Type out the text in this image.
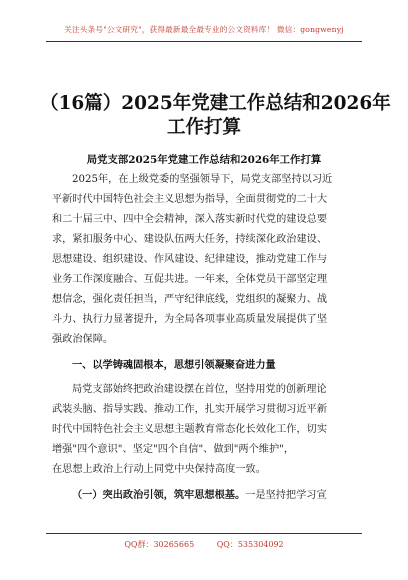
关注头条号"公文研究"，获得最新最全最专业的公文资料库！ 微信：gongwenyj
（16篇）2025年党建工作总结和2026年
工作打算
局党支部2025年党建工作总结和2026年工作打算
2025年，在上级党委的坚强领导下，局党支部坚持以习近
平新时代中国特色社会主义思想为指导，全面贯彻党的二十大
和二十届三中、四中全会精神，深入落实新时代党的建设总要
求，紧扣服务中心、建设队伍两大任务，持续深化政治建设、
思想建设、组织建设、作风建设、纪律建设，推动党建工作与
业务工作深度融合、互促共进。一年来，全体党员干部坚定理
想信念，强化责任担当，严守纪律底线，党组织的凝聚力、战
斗力、执行力显著提升，为全局各项事业高质量发展提供了坚
强政治保障。
一、以学铸魂固根本，思想引领凝聚奋进力量
局党支部始终把政治建设摆在首位，坚持用党的创新理论
武装头脑、指导实践、推动工作，扎实开展学习贯彻习近平新
时代中国特色社会主义思想主题教育常态化长效化工作，切实
增强"四个意识"、坚定"四个自信"、做到"两个维护"，
在思想上政治上行动上同党中央保持高度一致。
（一）突出政治引领，筑牢思想根基。一是坚持把学习宣
QQ群：30265665	QQ：535304092
